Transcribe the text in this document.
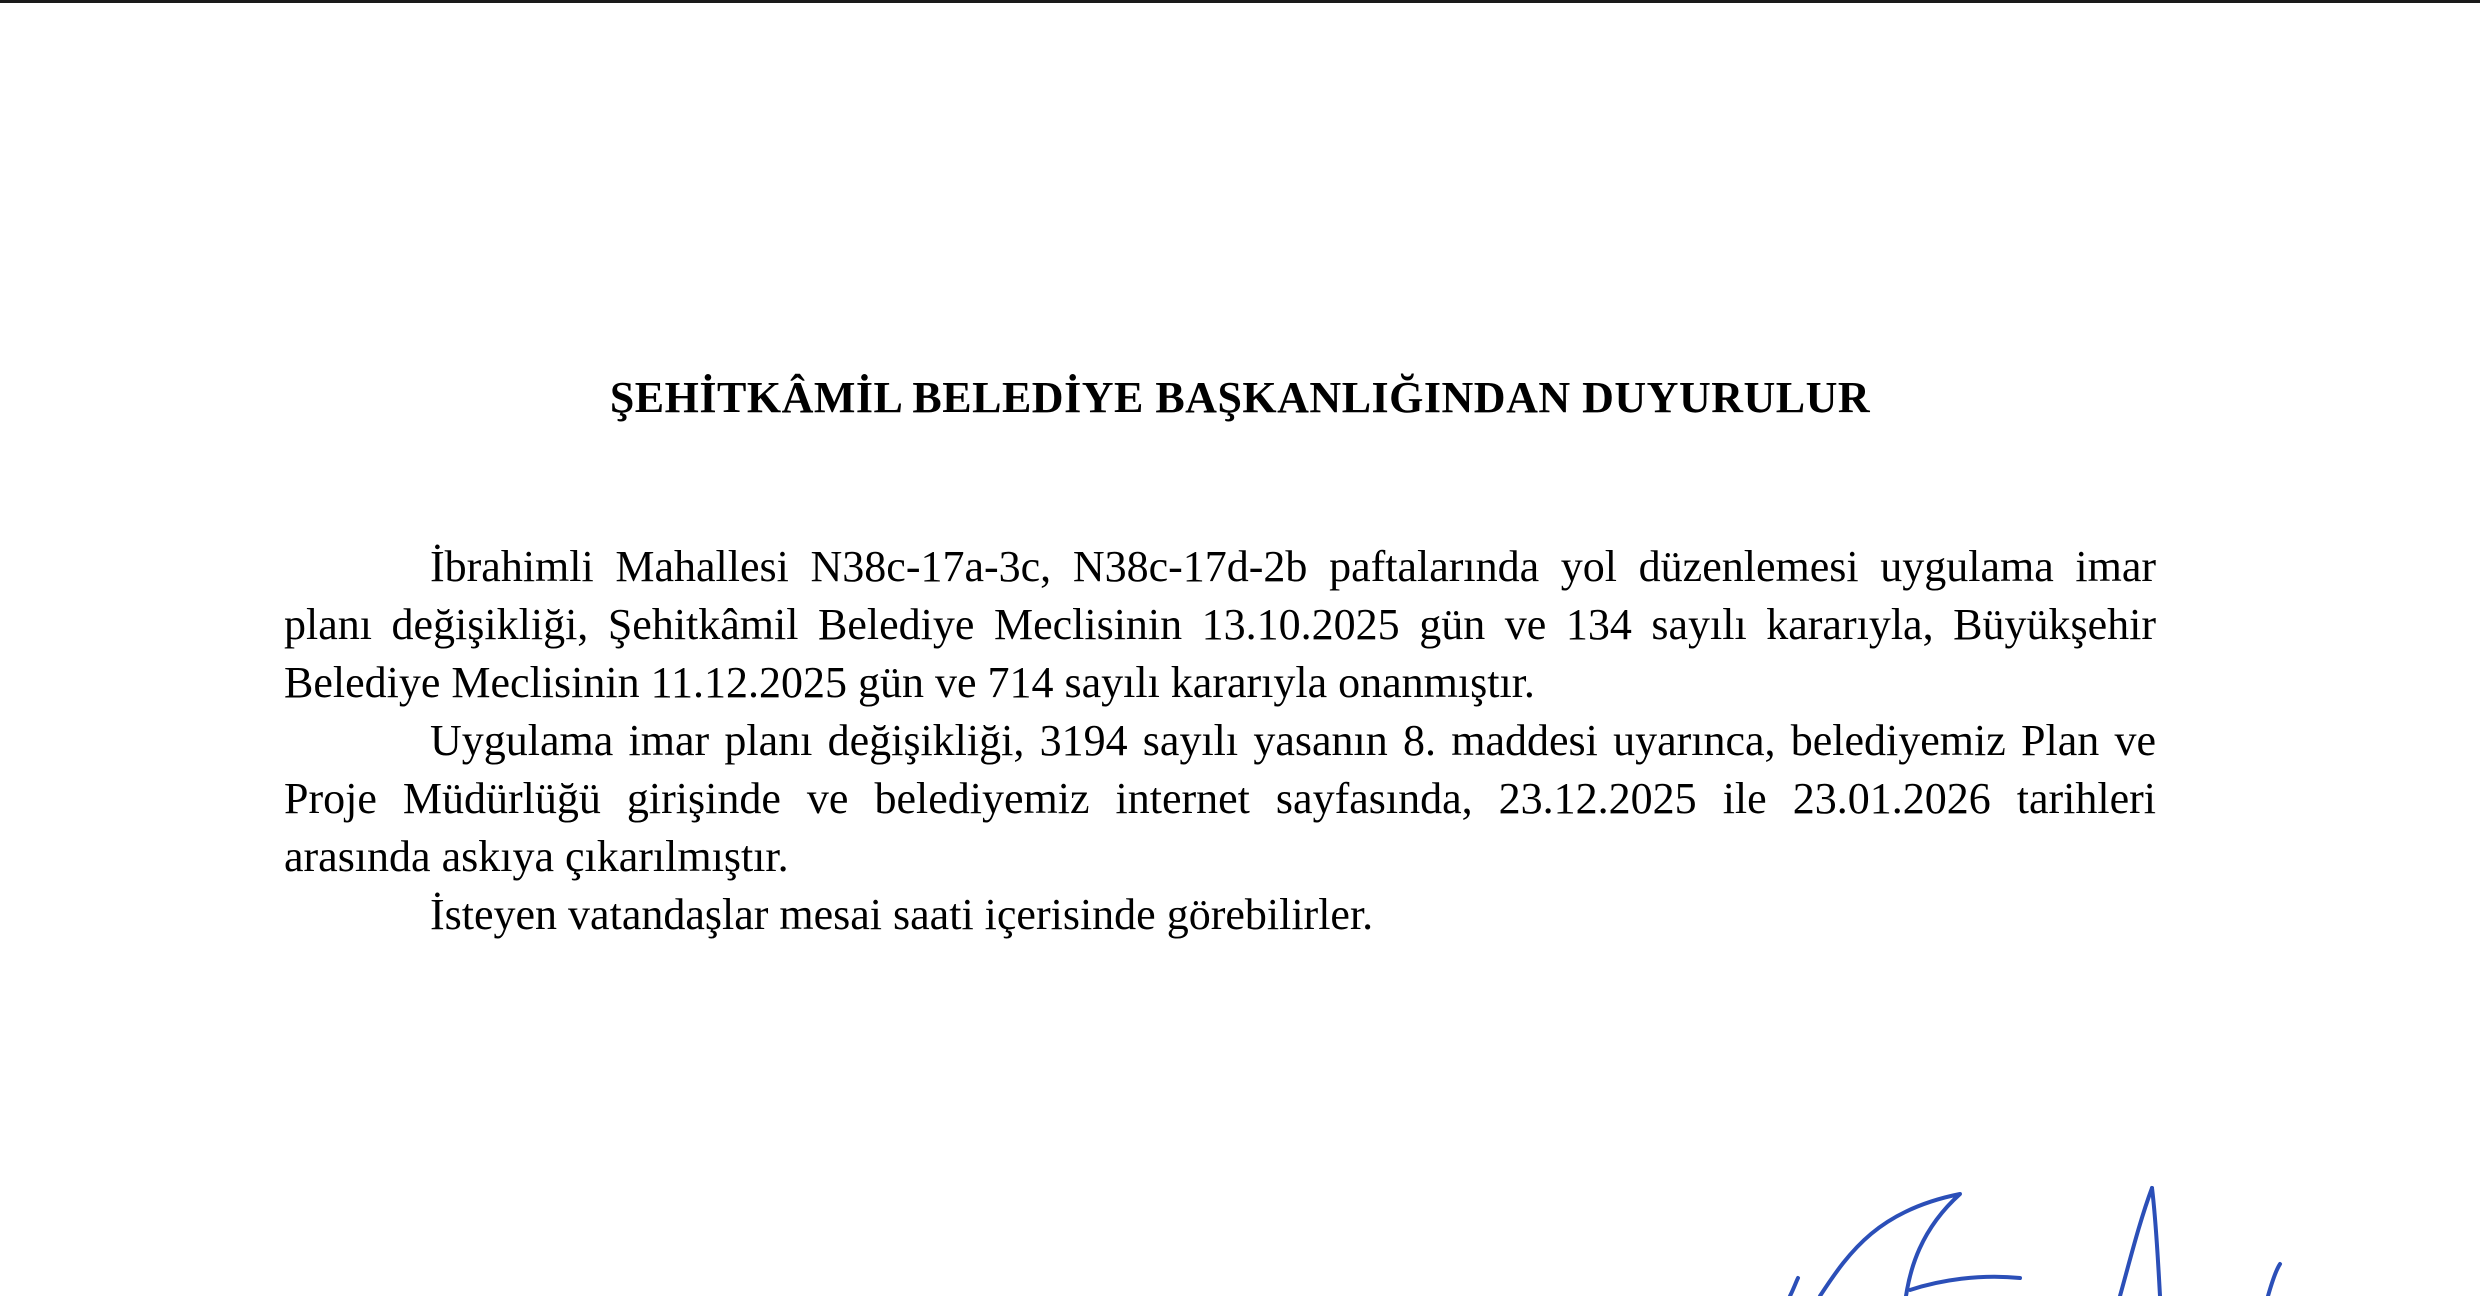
ŞEHİTKÂMİL BELEDİYE BAŞKANLIĞINDAN DUYURULUR

İbrahimli Mahallesi N38c-17a-3c, N38c-17d-2b paftalarında yol düzenlemesi uygulama imar planı değişikliği, Şehitkâmil Belediye Meclisinin 13.10.2025 gün ve 134 sayılı kararıyla, Büyükşehir Belediye Meclisinin 11.12.2025 gün ve 714 sayılı kararıyla onanmıştır.

Uygulama imar planı değişikliği, 3194 sayılı yasanın 8. maddesi uyarınca, belediyemiz Plan ve Proje Müdürlüğü girişinde ve belediyemiz internet sayfasında, 23.12.2025 ile 23.01.2026 tarihleri arasında askıya çıkarılmıştır.

İsteyen vatandaşlar mesai saati içerisinde görebilirler.
